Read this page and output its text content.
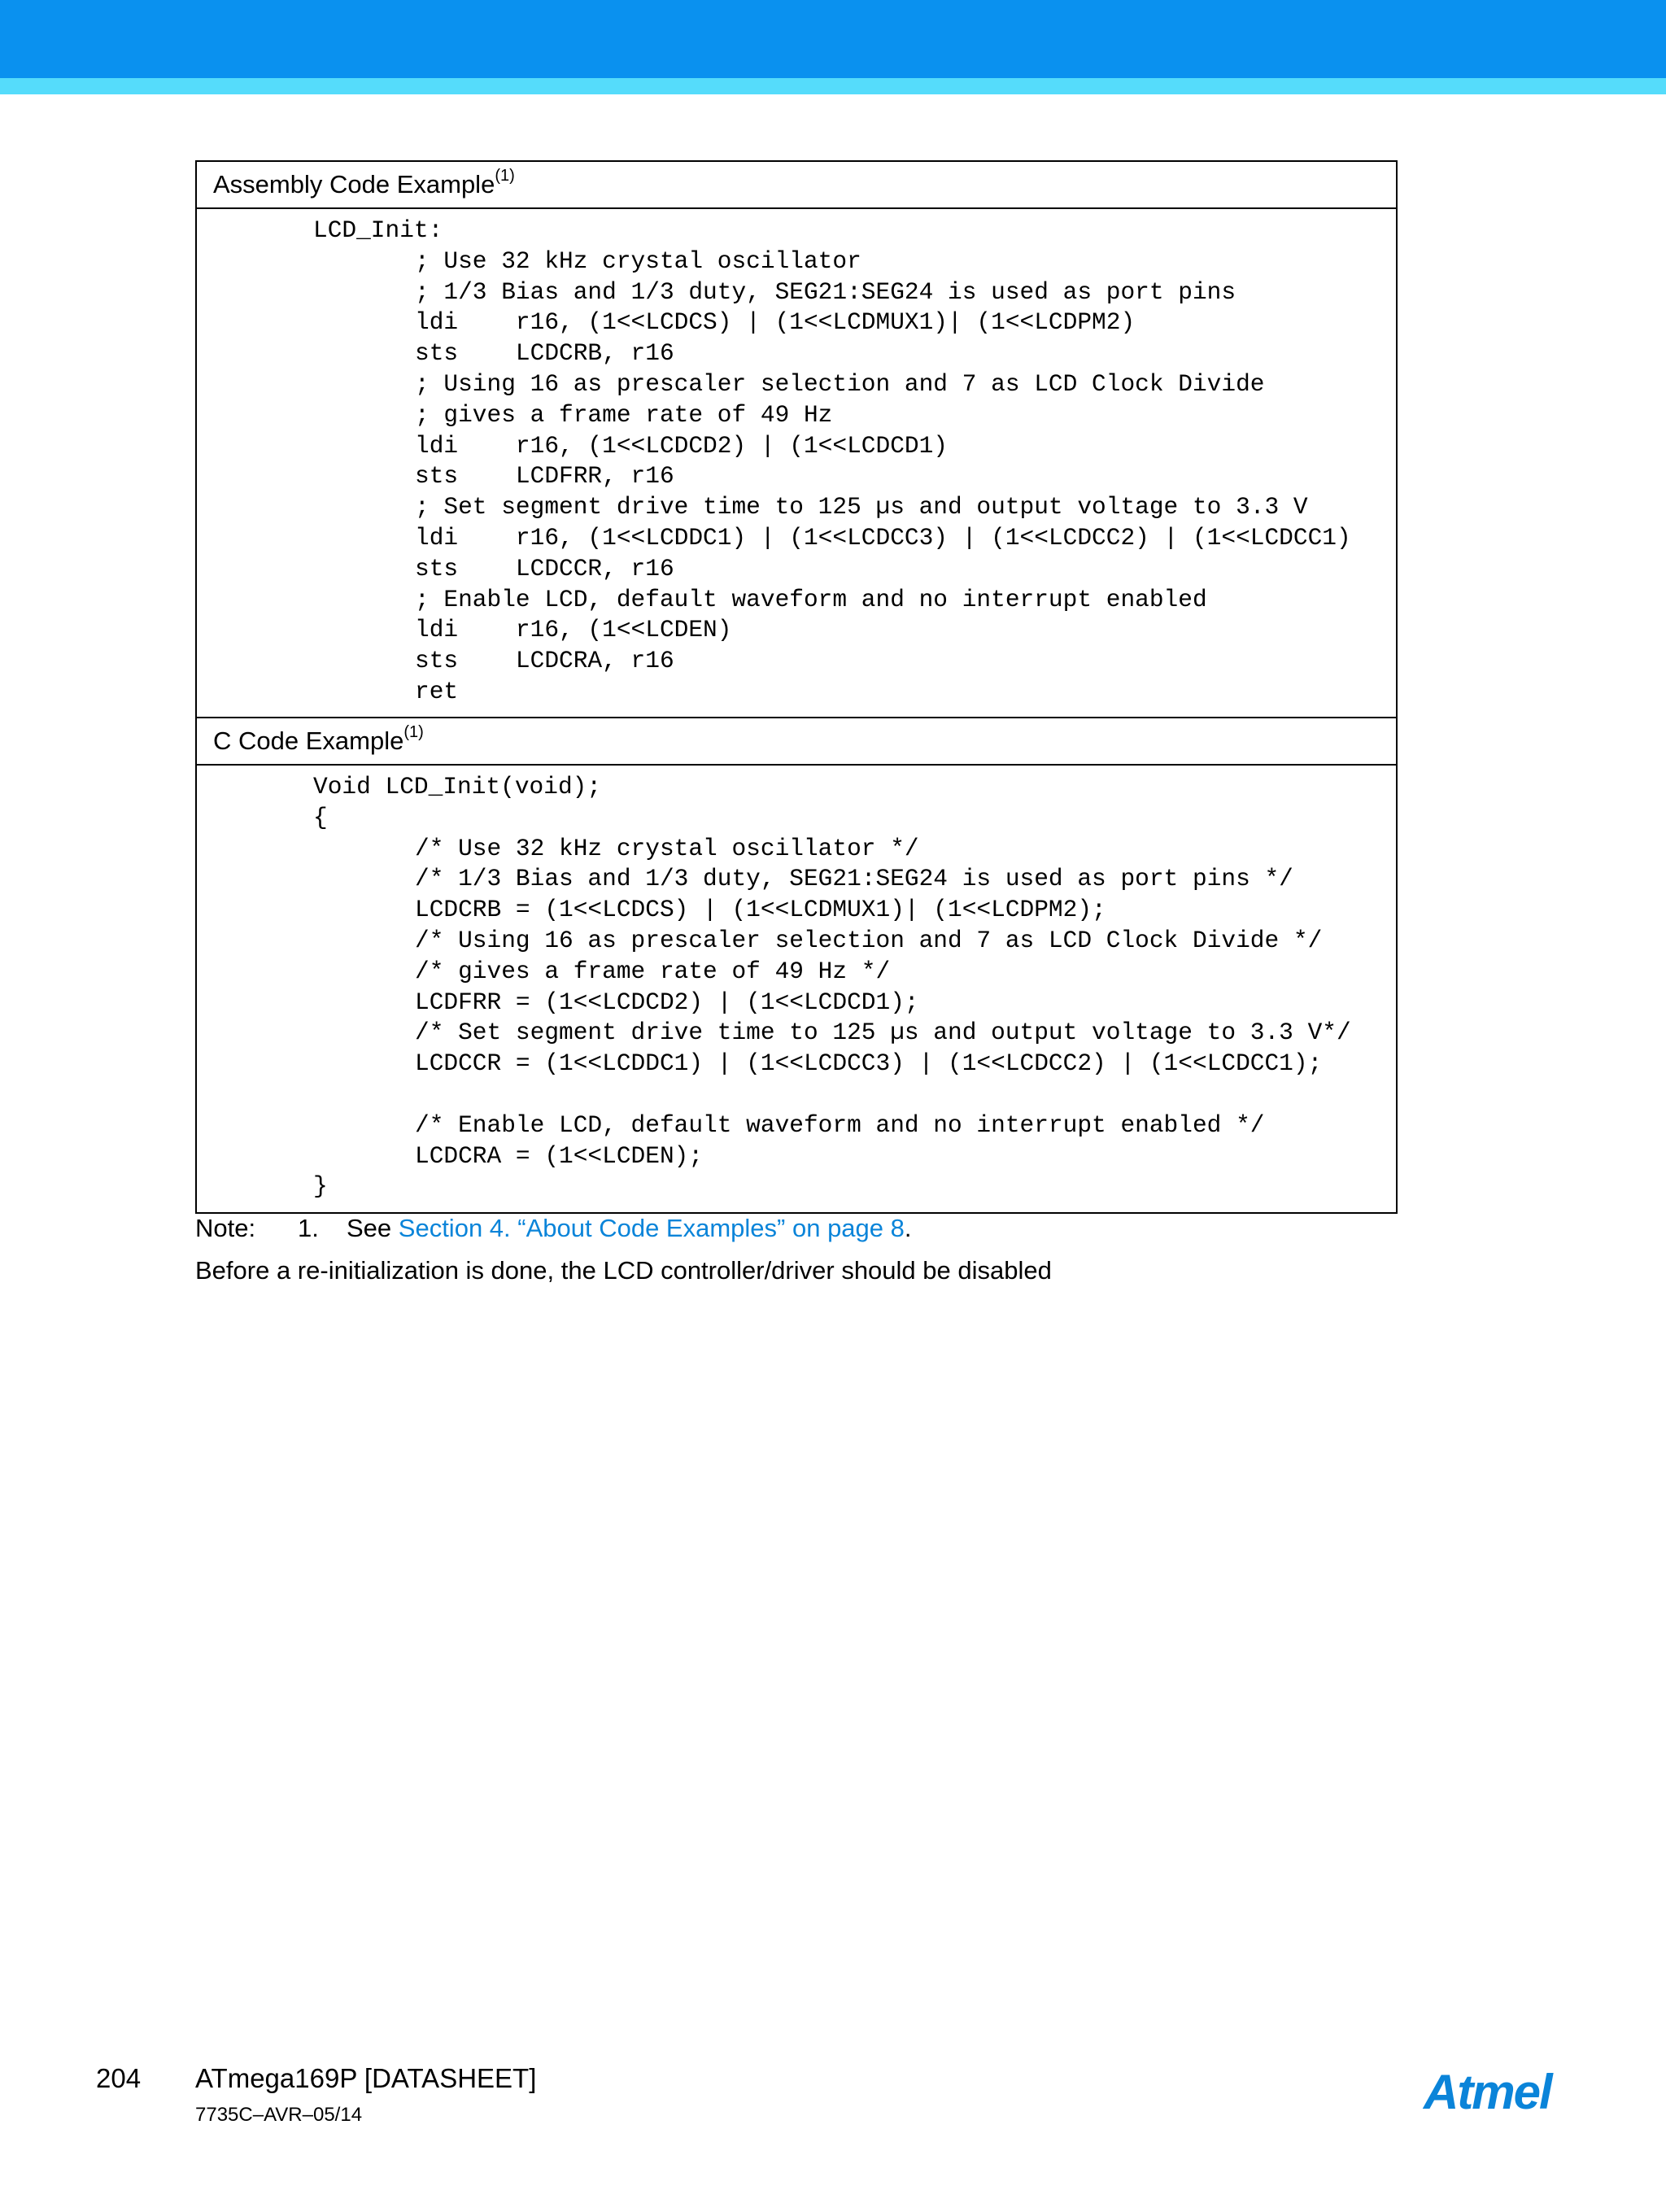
Assembly Code Example$^{(1)}$
LCD_Init:
; Use 32 kHz crystal oscillator
; 1/3 Bias and 1/3 duty, SEG21:SEG24 is used as port pins
ldi    r16, (1<<LCDCS) | (1<<LCDMUX1)| (1<<LCDPM2)
sts    LCDCRB, r16
; Using 16 as prescaler selection and 7 as LCD Clock Divide
; gives a frame rate of 49 Hz
ldi    r16, (1<<LCDCD2) | (1<<LCDCD1)
sts    LCDFRR, r16
; Set segment drive time to 125 µs and output voltage to 3.3 V
ldi    r16, (1<<LCDDC1) | (1<<LCDCC3) | (1<<LCDCC2) | (1<<LCDCC1)
sts    LCDCCR, r16
; Enable LCD, default waveform and no interrupt enabled
ldi    r16, (1<<LCDEN)
sts    LCDCRA, r16
ret
C Code Example$^{(1)}$
Void LCD_Init(void);
{
/* Use 32 kHz crystal oscillator */
/* 1/3 Bias and 1/3 duty, SEG21:SEG24 is used as port pins */
LCDCRB = (1<<LCDCS) | (1<<LCDMUX1)| (1<<LCDPM2);
/* Using 16 as prescaler selection and 7 as LCD Clock Divide */
/* gives a frame rate of 49 Hz */
LCDFRR = (1<<LCDCD2) | (1<<LCDCD1);
/* Set segment drive time to 125 µs and output voltage to 3.3 V*/
LCDCCR = (1<<LCDDC1) | (1<<LCDCC3) | (1<<LCDCC2) | (1<<LCDCC1);
/* Enable LCD, default waveform and no interrupt enabled */
LCDCRA = (1<<LCDEN);
}
Note: 1. See Section 4. “About Code Examples” on page 8.
Before a re-initialization is done, the LCD controller/driver should be disabled
204 ATmega169P [DATASHEET]
7735C–AVR–05/14	Atmel
